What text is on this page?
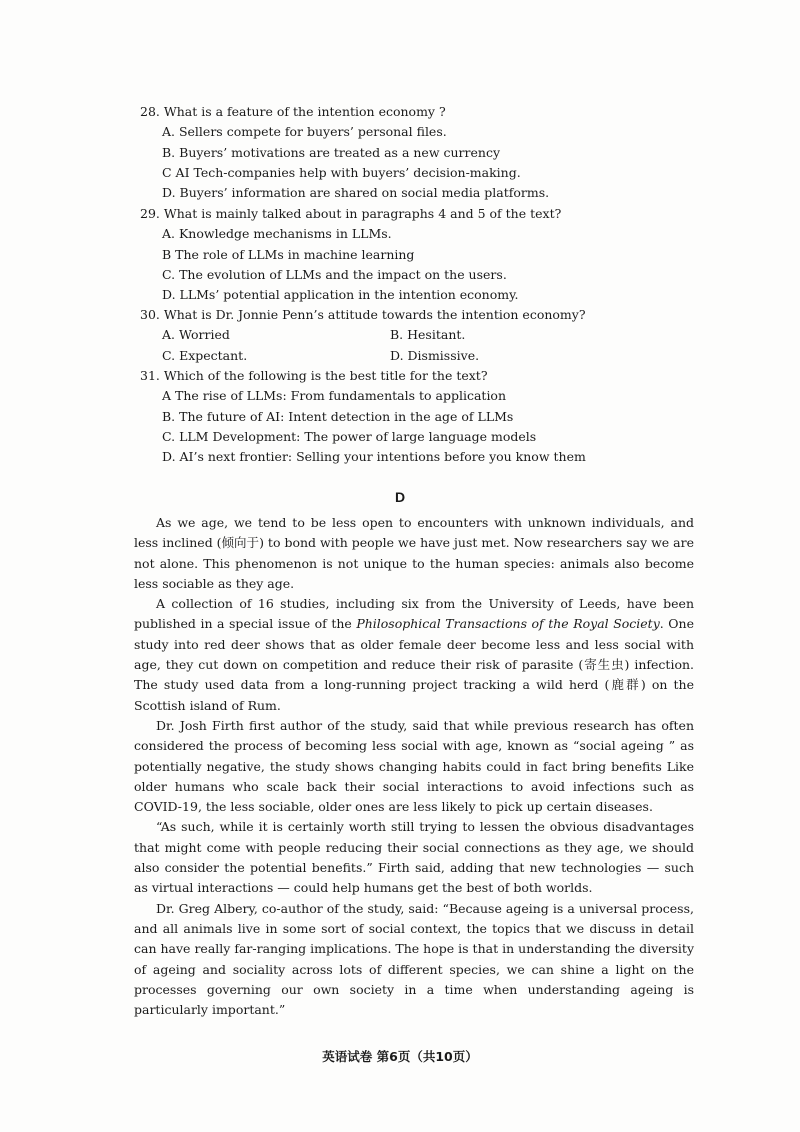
28. What is a feature of the intention economy ?
A. Sellers compete for buyers’ personal files.
B. Buyers’ motivations are treated as a new currency
C AI Tech-companies help with buyers’ decision-making.
D. Buyers’ information are shared on social media platforms.
29. What is mainly talked about in paragraphs 4 and 5 of the text?
A. Knowledge mechanisms in LLMs.
B The role of LLMs in machine learning
C. The evolution of LLMs and the impact on the users.
D. LLMs’ potential application in the intention economy.
30. What is Dr. Jonnie Penn’s attitude towards the intention economy?
A. Worried	B. Hesitant.
C. Expectant.	D. Dismissive.
31. Which of the following is the best title for the text?
A The rise of LLMs: From fundamentals to application
B. The future of AI: Intent detection in the age of LLMs
C. LLM Development: The power of large language models
D. AI’s next frontier: Selling your intentions before you know them
D

As we age, we tend to be less open to encounters with unknown individuals, and less inclined (倾向于) to bond with people we have just met. Now researchers say we are not alone. This phenomenon is not unique to the human species: animals also become less sociable as they age.

A collection of 16 studies, including six from the University of Leeds, have been published in a special issue of the Philosophical Transactions of the Royal Society. One study into red deer shows that as older female deer become less and less social with age, they cut down on competition and reduce their risk of parasite (寄生虫) infection. The study used data from a long-running project tracking a wild herd (鹿群) on the Scottish island of Rum.

Dr. Josh Firth first author of the study, said that while previous research has often considered the process of becoming less social with age, known as “social ageing ” as potentially negative, the study shows changing habits could in fact bring benefits Like older humans who scale back their social interactions to avoid infections such as COVID-19, the less sociable, older ones are less likely to pick up certain diseases.

“As such, while it is certainly worth still trying to lessen the obvious disadvantages that might come with people reducing their social connections as they age, we should also consider the potential benefits.” Firth said, adding that new technologies — such as virtual interactions — could help humans get the best of both worlds.

Dr. Greg Albery, co-author of the study, said: “Because ageing is a universal process, and all animals live in some sort of social context, the topics that we discuss in detail can have really far-ranging implications. The hope is that in understanding the diversity of ageing and sociality across lots of different species, we can shine a light on the processes governing our own society in a time when understanding ageing is particularly important.”

英语试卷 第6页（共10页）
